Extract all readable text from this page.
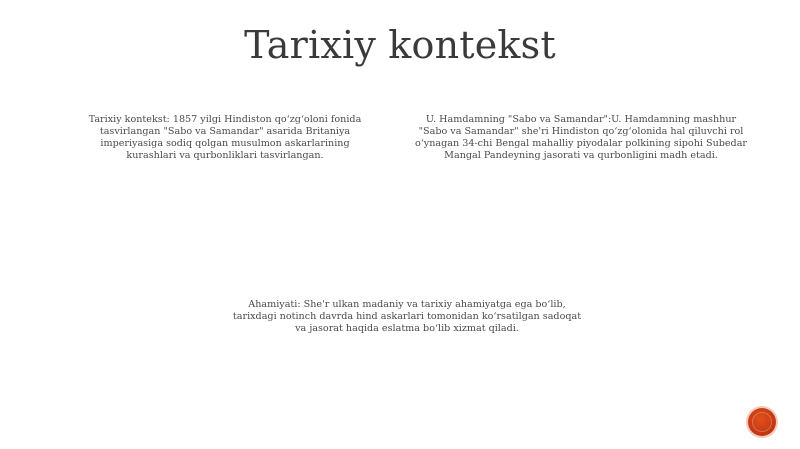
Tarixiy kontekst
Tarixiy kontekst: 1857 yilgi Hindiston qo‘zg‘oloni fonida tasvirlangan "Sabo va Samandar" asarida Britaniya imperiyasiga sodiq qolgan musulmon askarlarining kurashlari va qurbonliklari tasvirlangan.
U. Hamdamning "Sabo va Samandar":U. Hamdamning mashhur "Sabo va Samandar" she'ri Hindiston qo‘zg‘olonida hal qiluvchi rol o‘ynagan 34-chi Bengal mahalliy piyodalar polkining sipohi Subedar Mangal Pandeyning jasorati va qurbonligini madh etadi.
Ahamiyati: She'r ulkan madaniy va tarixiy ahamiyatga ega bo‘lib, tarixdagi notinch davrda hind askarlari tomonidan ko‘rsatilgan sadoqat va jasorat haqida eslatma bo‘lib xizmat qiladi.
